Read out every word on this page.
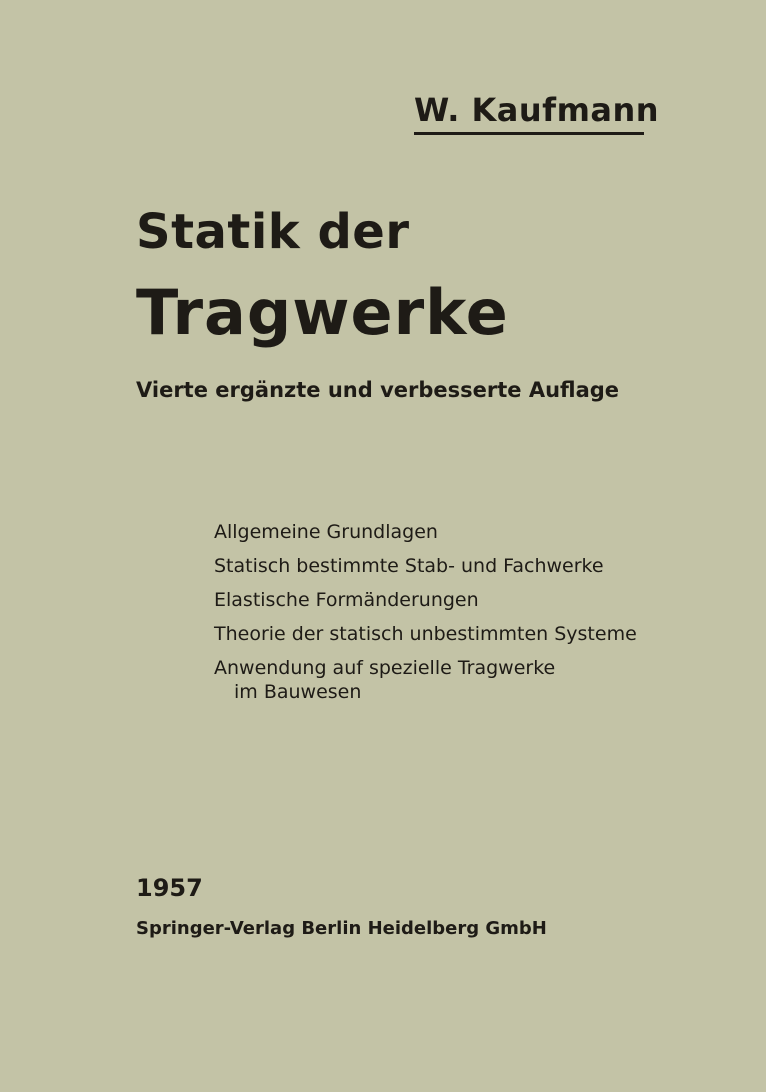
W. Kaufmann
Statik der
Tragwerke
Vierte ergänzte und verbesserte Auflage
Allgemeine Grundlagen
Statisch bestimmte Stab- und Fachwerke
Elastische Formänderungen
Theorie der statisch unbestimmten Systeme
Anwendung auf spezielle Tragwerke
im Bauwesen
1957
Springer-Verlag Berlin Heidelberg GmbH
